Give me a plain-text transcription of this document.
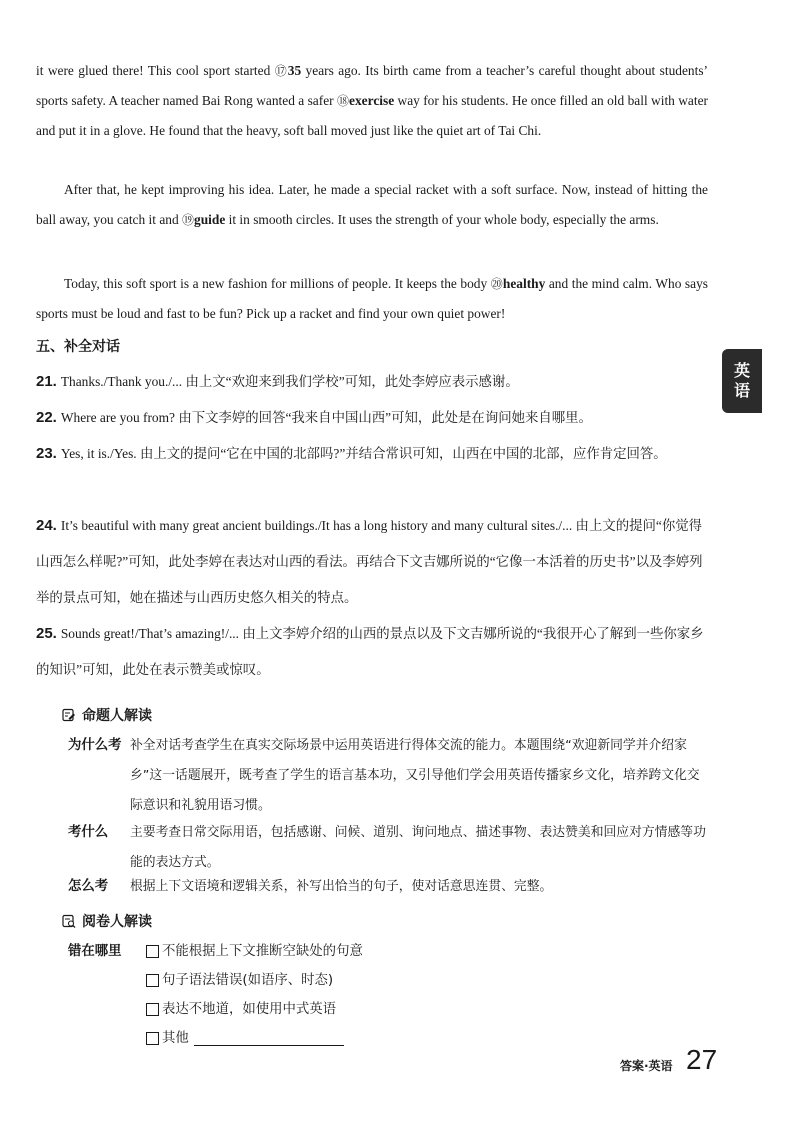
it were glued there! This cool sport started ⑰35 years ago. Its birth came from a teacher’s careful thought about students’ sports safety. A teacher named Bai Rong wanted a safer ⑱exercise way for his students. He once filled an old ball with water and put it in a glove. He found that the heavy, soft ball moved just like the quiet art of Tai Chi.

After that, he kept improving his idea. Later, he made a special racket with a soft surface. Now, instead of hitting the ball away, you catch it and ⑲guide it in smooth circles. It uses the strength of your whole body, especially the arms.

Today, this soft sport is a new fashion for millions of people. It keeps the body ⑳healthy and the mind calm. Who says sports must be loud and fast to be fun? Pick up a racket and find your own quiet power!

五、补全对话
21. Thanks./Thank you./... 由上文“欢迎来到我们学校”可知，此处李婷应表示感谢。
22. Where are you from? 由下文李婷的回答“我来自中国山西”可知，此处是在询问她来自哪里。
23. Yes, it is./Yes. 由上文的提问“它在中国的北部吗?”并结合常识可知，山西在中国的北部，应作肯定回答。
24. It’s beautiful with many great ancient buildings./It has a long history and many cultural sites./... 由上文的提问“你觉得山西怎么样呢?”可知，此处李婷在表达对山西的看法。再结合下文吉娜所说的“它像一本活着的历史书”以及李婷列举的景点可知，她在描述与山西历史悠久相关的特点。
25. Sounds great!/That’s amazing!/... 由上文李婷介绍的山西的景点以及下文吉娜所说的“我很开心了解到一些你家乡的知识”可知，此处在表示赞美或惊叹。
命题人解读
为什么考 补全对话考查学生在真实交际场景中运用英语进行得体交流的能力。本题围绕“欢迎新同学并介绍家乡”这一话题展开，既考查了学生的语言基本功，又引导他们学会用英语传播家乡文化，培养跨文化交际意识和礼貌用语习惯。
考什么	主要考查日常交际用语，包括感谢、问候、道别、询问地点、描述事物、表达赞美和回应对方情感等功能的表达方式。
怎么考	根据上下文语境和逻辑关系，补写出恰当的句子，使对话意思连贯、完整。
阅卷人解读
错在哪里	不能根据上下文推断空缺处的句意
句子语法错误(如语序、时态)
表达不地道，如使用中式英语
其他
英
语
答案·英语 27
